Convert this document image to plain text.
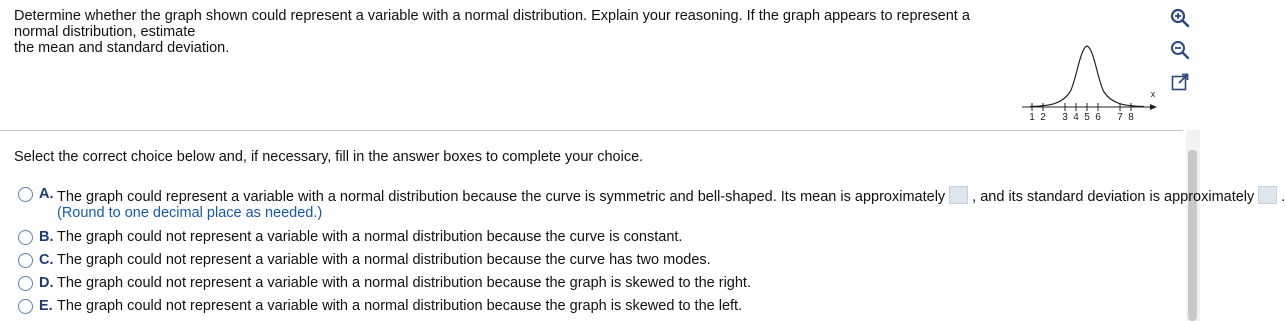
Determine whether the graph shown could represent a variable with a normal distribution. Explain your reasoning. If the graph appears to represent a normal distribution, estimate
the mean and standard deviation.
1 2 3 4 5 6 7 8
x
Select the correct choice below and, if necessary, fill in the answer boxes to complete your choice.
A. The graph could represent a variable with a normal distribution because the curve is symmetric and bell-shaped. Its mean is approximately , and its standard deviation is approximately .
(Round to one decimal place as needed.)
B. The graph could not represent a variable with a normal distribution because the curve is constant.
C. The graph could not represent a variable with a normal distribution because the curve has two modes.
D. The graph could not represent a variable with a normal distribution because the graph is skewed to the right.
E. The graph could not represent a variable with a normal distribution because the graph is skewed to the left.
